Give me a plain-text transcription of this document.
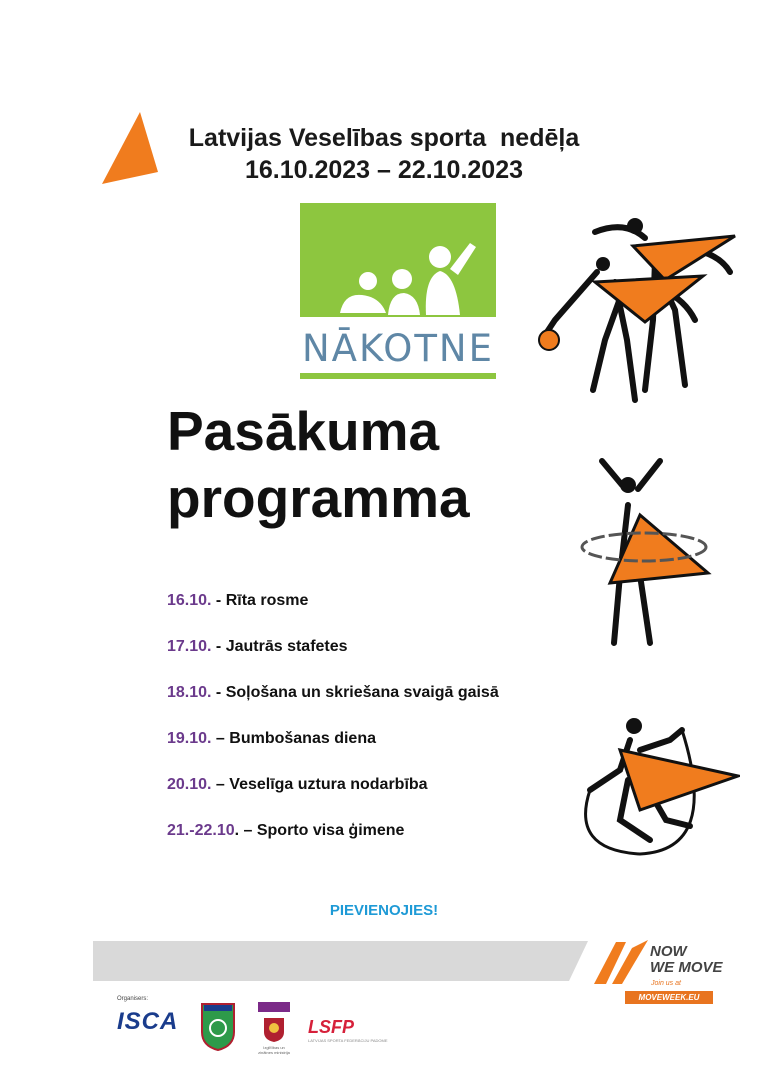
Latvijas Veselības sporta  nedēļa
16.10.2023 – 22.10.2023
NĀKOTNE
Pasākuma
programma
16.10. - Rīta rosme
17.10. - Jautrās stafetes
18.10. - Soļošana un skriešana svaigā gaisā
19.10. – Bumbošanas diena
20.10. – Veselīga uztura nodarbība
21.-22.10. – Sporto visa ģimene
PIEVIENOJIES!
NOW
WE MOVE
Join us at
MOVEWEEK.EU
Organisers:
ISCA
Izglītības un zinātnes ministrija
LSFP
LATVIJAS SPORTA FEDERĀCIJU PADOME
